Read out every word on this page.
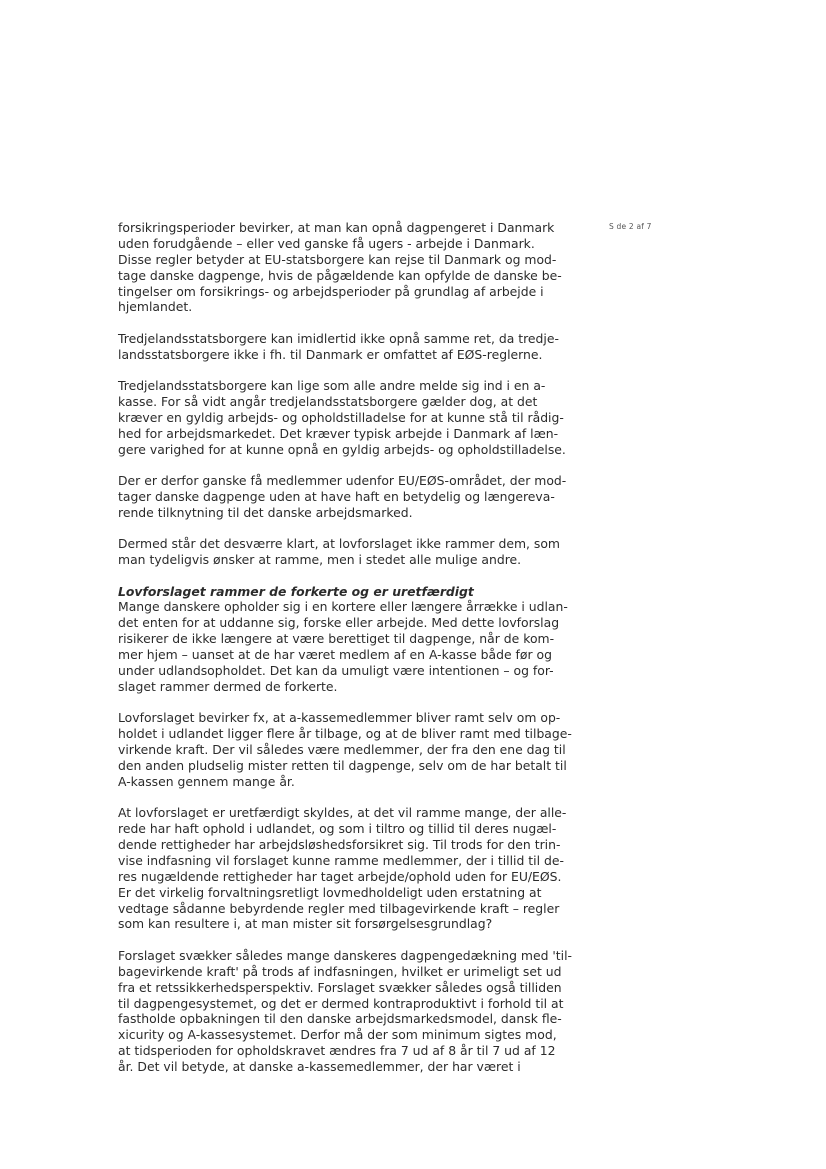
S de 2 af 7
forsikringsperioder bevirker, at man kan opnå dagpengeret i Danmark
uden forudgående – eller ved ganske få ugers - arbejde i Danmark.
Disse regler betyder at EU-statsborgere kan rejse til Danmark og mod-
tage danske dagpenge, hvis de pågældende kan opfylde de danske be-
tingelser om forsikrings- og arbejdsperioder på grundlag af arbejde i
hjemlandet.
Tredjelandsstatsborgere kan imidlertid ikke opnå samme ret, da tredje-
landsstatsborgere ikke i fh. til Danmark er omfattet af EØS-reglerne.
Tredjelandsstatsborgere kan lige som alle andre melde sig ind i en a-
kasse. For så vidt angår tredjelandsstatsborgere gælder dog, at det
kræver en gyldig arbejds- og opholdstilladelse for at kunne stå til rådig-
hed for arbejdsmarkedet. Det kræver typisk arbejde i Danmark af læn-
gere varighed for at kunne opnå en gyldig arbejds- og opholdstilladelse.
Der er derfor ganske få medlemmer udenfor EU/EØS-området, der mod-
tager danske dagpenge uden at have haft en betydelig og længereva-
rende tilknytning til det danske arbejdsmarked.
Dermed står det desværre klart, at lovforslaget ikke rammer dem, som
man tydeligvis ønsker at ramme, men i stedet alle mulige andre.
Lovforslaget rammer de forkerte og er uretfærdigt
Mange danskere opholder sig i en kortere eller længere årrække i udlan-
det enten for at uddanne sig, forske eller arbejde. Med dette lovforslag
risikerer de ikke længere at være berettiget til dagpenge, når de kom-
mer hjem – uanset at de har været medlem af en A-kasse både før og
under udlandsopholdet. Det kan da umuligt være intentionen – og for-
slaget rammer dermed de forkerte.
Lovforslaget bevirker fx, at a-kassemedlemmer bliver ramt selv om op-
holdet i udlandet ligger flere år tilbage, og at de bliver ramt med tilbage-
virkende kraft. Der vil således være medlemmer, der fra den ene dag til
den anden pludselig mister retten til dagpenge, selv om de har betalt til
A-kassen gennem mange år.
At lovforslaget er uretfærdigt skyldes, at det vil ramme mange, der alle-
rede har haft ophold i udlandet, og som i tiltro og tillid til deres nugæl-
dende rettigheder har arbejdsløshedsforsikret sig. Til trods for den trin-
vise indfasning vil forslaget kunne ramme medlemmer, der i tillid til de-
res nugældende rettigheder har taget arbejde/ophold uden for EU/EØS.
Er det virkelig forvaltningsretligt lovmedholdeligt uden erstatning at
vedtage sådanne bebyrdende regler med tilbagevirkende kraft – regler
som kan resultere i, at man mister sit forsørgelsesgrundlag?
Forslaget svækker således mange danskeres dagpengedækning med 'til-
bagevirkende kraft' på trods af indfasningen, hvilket er urimeligt set ud
fra et retssikkerhedsperspektiv. Forslaget svækker således også tilliden
til dagpengesystemet, og det er dermed kontraproduktivt i forhold til at
fastholde opbakningen til den danske arbejdsmarkedsmodel, dansk fle-
xicurity og A-kassesystemet. Derfor må der som minimum sigtes mod,
at tidsperioden for opholdskravet ændres fra 7 ud af 8 år til 7 ud af 12
år. Det vil betyde, at danske a-kassemedlemmer, der har været i
